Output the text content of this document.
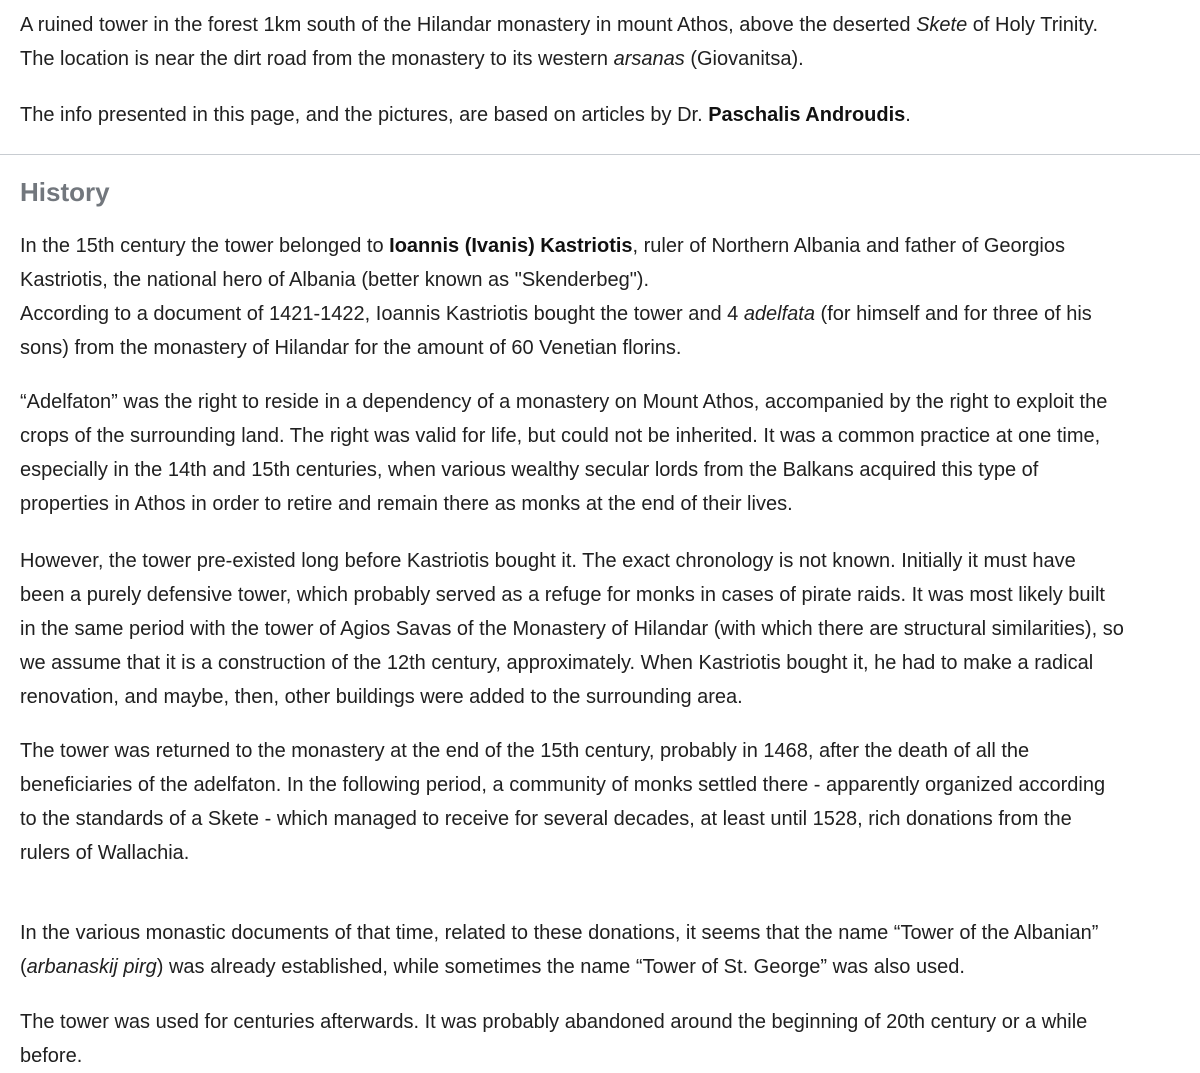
A ruined tower in the forest 1km south of the Hilandar monastery in mount Athos, above the deserted Skete of Holy Trinity.
The location is near the dirt road from the monastery to its western arsanas (Giovanitsa).

The info presented in this page, and the pictures, are based on articles by Dr. Paschalis Androudis.

History

In the 15th century the tower belonged to Ioannis (Ivanis) Kastriotis, ruler of Northern Albania and father of Georgios
Kastriotis, the national hero of Albania (better known as "Skenderbeg").
According to a document of 1421-1422, Ioannis Kastriotis bought the tower and 4 adelfata (for himself and for three of his
sons) from the monastery of Hilandar for the amount of 60 Venetian florins.

“Adelfaton” was the right to reside in a dependency of a monastery on Mount Athos, accompanied by the right to exploit the
crops of the surrounding land. The right was valid for life, but could not be inherited. It was a common practice at one time,
especially in the 14th and 15th centuries, when various wealthy secular lords from the Balkans acquired this type of
properties in Athos in order to retire and remain there as monks at the end of their lives.

However, the tower pre-existed long before Kastriotis bought it. The exact chronology is not known. Initially it must have
been a purely defensive tower, which probably served as a refuge for monks in cases of pirate raids. It was most likely built
in the same period with the tower of Agios Savas of the Monastery of Hilandar (with which there are structural similarities), so
we assume that it is a construction of the 12th century, approximately. When Kastriotis bought it, he had to make a radical
renovation, and maybe, then, other buildings were added to the surrounding area.

The tower was returned to the monastery at the end of the 15th century, probably in 1468, after the death of all the
beneficiaries of the adelfaton. In the following period, a community of monks settled there - apparently organized according
to the standards of a Skete - which managed to receive for several decades, at least until 1528, rich donations from the
rulers of Wallachia.

In the various monastic documents of that time, related to these donations, it seems that the name “Tower of the Albanian”
(arbanaskij pirg) was already established, while sometimes the name “Tower of St. George” was also used.

The tower was used for centuries afterwards. It was probably abandoned around the beginning of 20th century or a while
before.
